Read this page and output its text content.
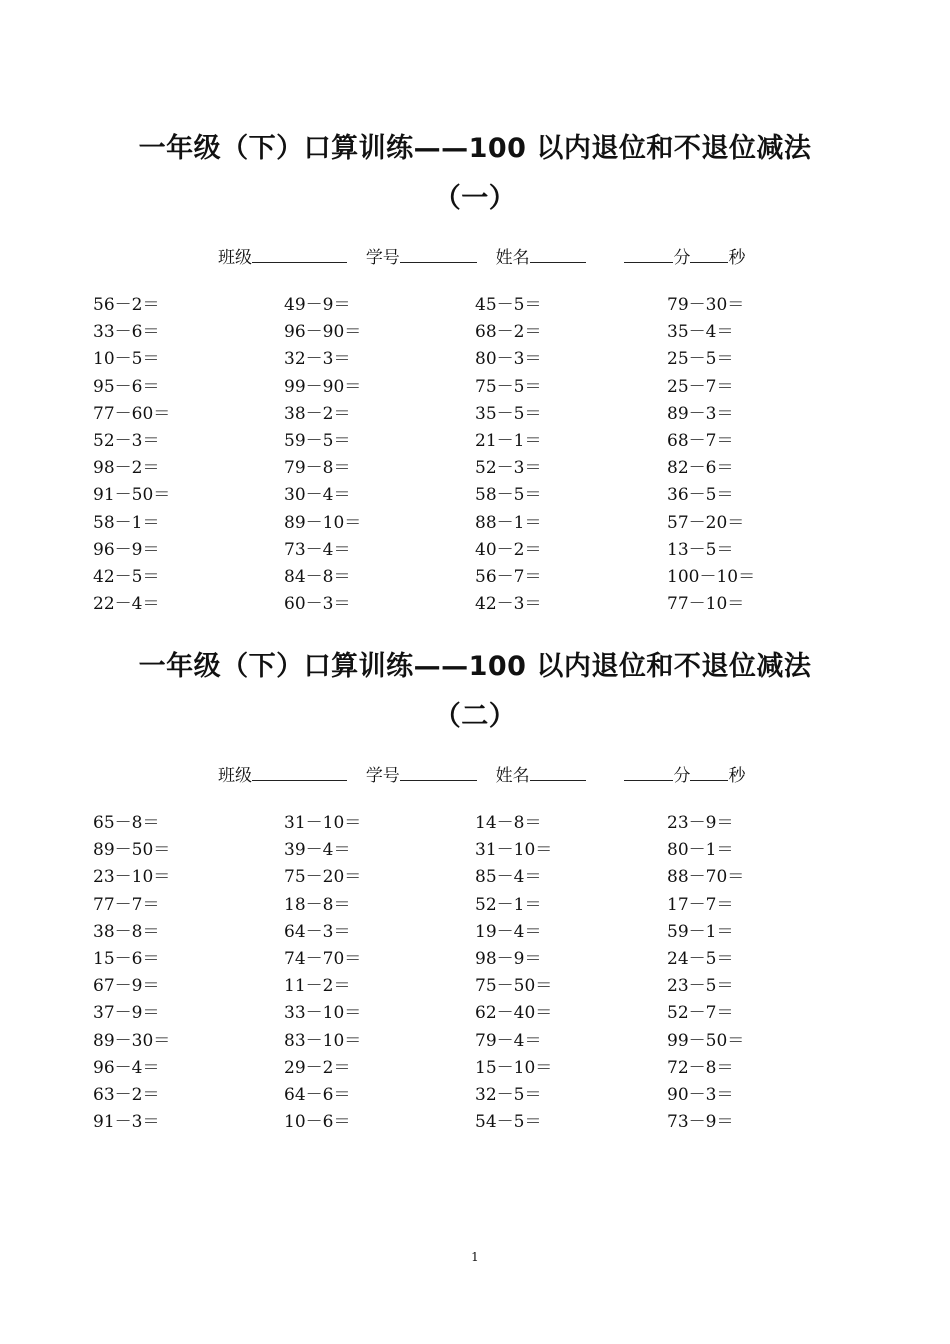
一年级（下）口算训练——100 以内退位和不退位减法
（一）
班级	学号	姓名	分 秒
56－2＝	49－9＝	45－5＝	79－30＝
33－6＝	96－90＝	68－2＝	35－4＝
10－5＝	32－3＝	80－3＝	25－5＝
95－6＝	99－90＝	75－5＝	25－7＝
77－60＝	38－2＝	35－5＝	89－3＝
52－3＝	59－5＝	21－1＝	68－7＝
98－2＝	79－8＝	52－3＝	82－6＝
91－50＝	30－4＝	58－5＝	36－5＝
58－1＝	89－10＝	88－1＝	57－20＝
96－9＝	73－4＝	40－2＝	13－5＝
42－5＝	84－8＝	56－7＝	100－10＝
22－4＝	60－3＝	42－3＝	77－10＝
一年级（下）口算训练——100 以内退位和不退位减法
（二）
班级	学号	姓名	分 秒
65－8＝	31－10＝	14－8＝	23－9＝
89－50＝	39－4＝	31－10＝	80－1＝
23－10＝	75－20＝	85－4＝	88－70＝
77－7＝	18－8＝	52－1＝	17－7＝
38－8＝	64－3＝	19－4＝	59－1＝
15－6＝	74－70＝	98－9＝	24－5＝
67－9＝	11－2＝	75－50＝	23－5＝
37－9＝	33－10＝	62－40＝	52－7＝
89－30＝	83－10＝	79－4＝	99－50＝
96－4＝	29－2＝	15－10＝	72－8＝
63－2＝	64－6＝	32－5＝	90－3＝
91－3＝	10－6＝	54－5＝	73－9＝
1
